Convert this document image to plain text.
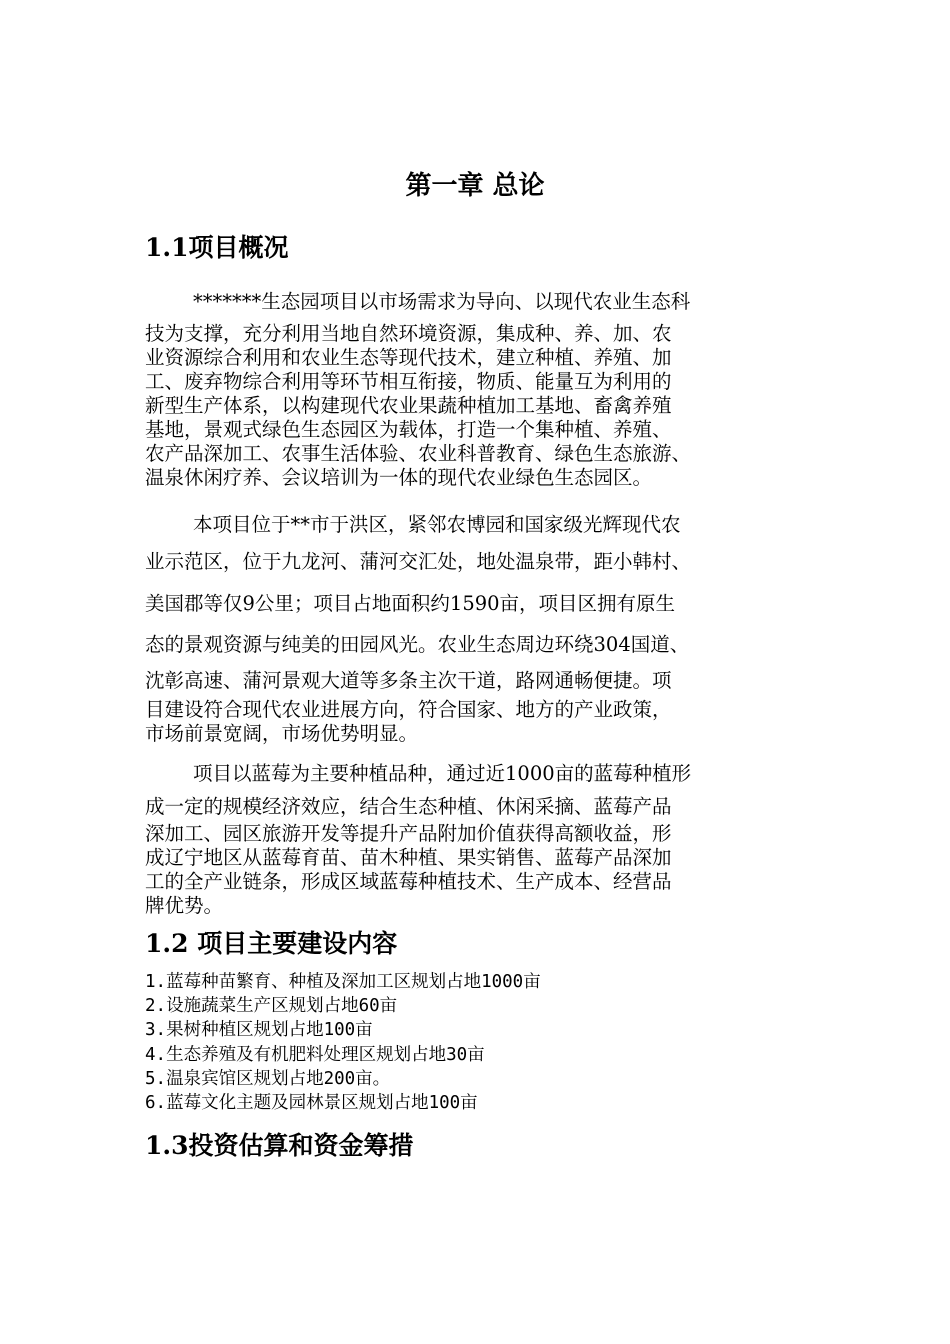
第一章 总论
1.1项目概况
*******生态园项目以市场需求为导向、以现代农业生态科
技为支撑，充分利用当地自然环境资源，集成种、养、加、农
业资源综合利用和农业生态等现代技术，建立种植、养殖、加
工、废弃物综合利用等环节相互衔接，物质、能量互为利用的
新型生产体系，以构建现代农业果蔬种植加工基地、畜禽养殖
基地，景观式绿色生态园区为载体，打造一个集种植、养殖、
农产品深加工、农事生活体验、农业科普教育、绿色生态旅游、
温泉休闲疗养、会议培训为一体的现代农业绿色生态园区。
本项目位于**市于洪区，紧邻农博园和国家级光辉现代农
业示范区，位于九龙河、蒲河交汇处，地处温泉带，距小韩村、
美国郡等仅9公里；项目占地面积约1590亩，项目区拥有原生
态的景观资源与纯美的田园风光。农业生态周边环绕304国道、
沈彰高速、蒲河景观大道等多条主次干道，路网通畅便捷。项
目建设符合现代农业进展方向，符合国家、地方的产业政策，
市场前景宽阔，市场优势明显。
项目以蓝莓为主要种植品种，通过近1000亩的蓝莓种植形
成一定的规模经济效应，结合生态种植、休闲采摘、蓝莓产品
深加工、园区旅游开发等提升产品附加价值获得高额收益，形
成辽宁地区从蓝莓育苗、苗木种植、果实销售、蓝莓产品深加
工的全产业链条，形成区域蓝莓种植技术、生产成本、经营品
牌优势。
1.2 项目主要建设内容
1.蓝莓种苗繁育、种植及深加工区规划占地1000亩
2.设施蔬菜生产区规划占地60亩
3.果树种植区规划占地100亩
4.生态养殖及有机肥料处理区规划占地30亩
5.温泉宾馆区规划占地200亩。
6.蓝莓文化主题及园林景区规划占地100亩
1.3投资估算和资金筹措
